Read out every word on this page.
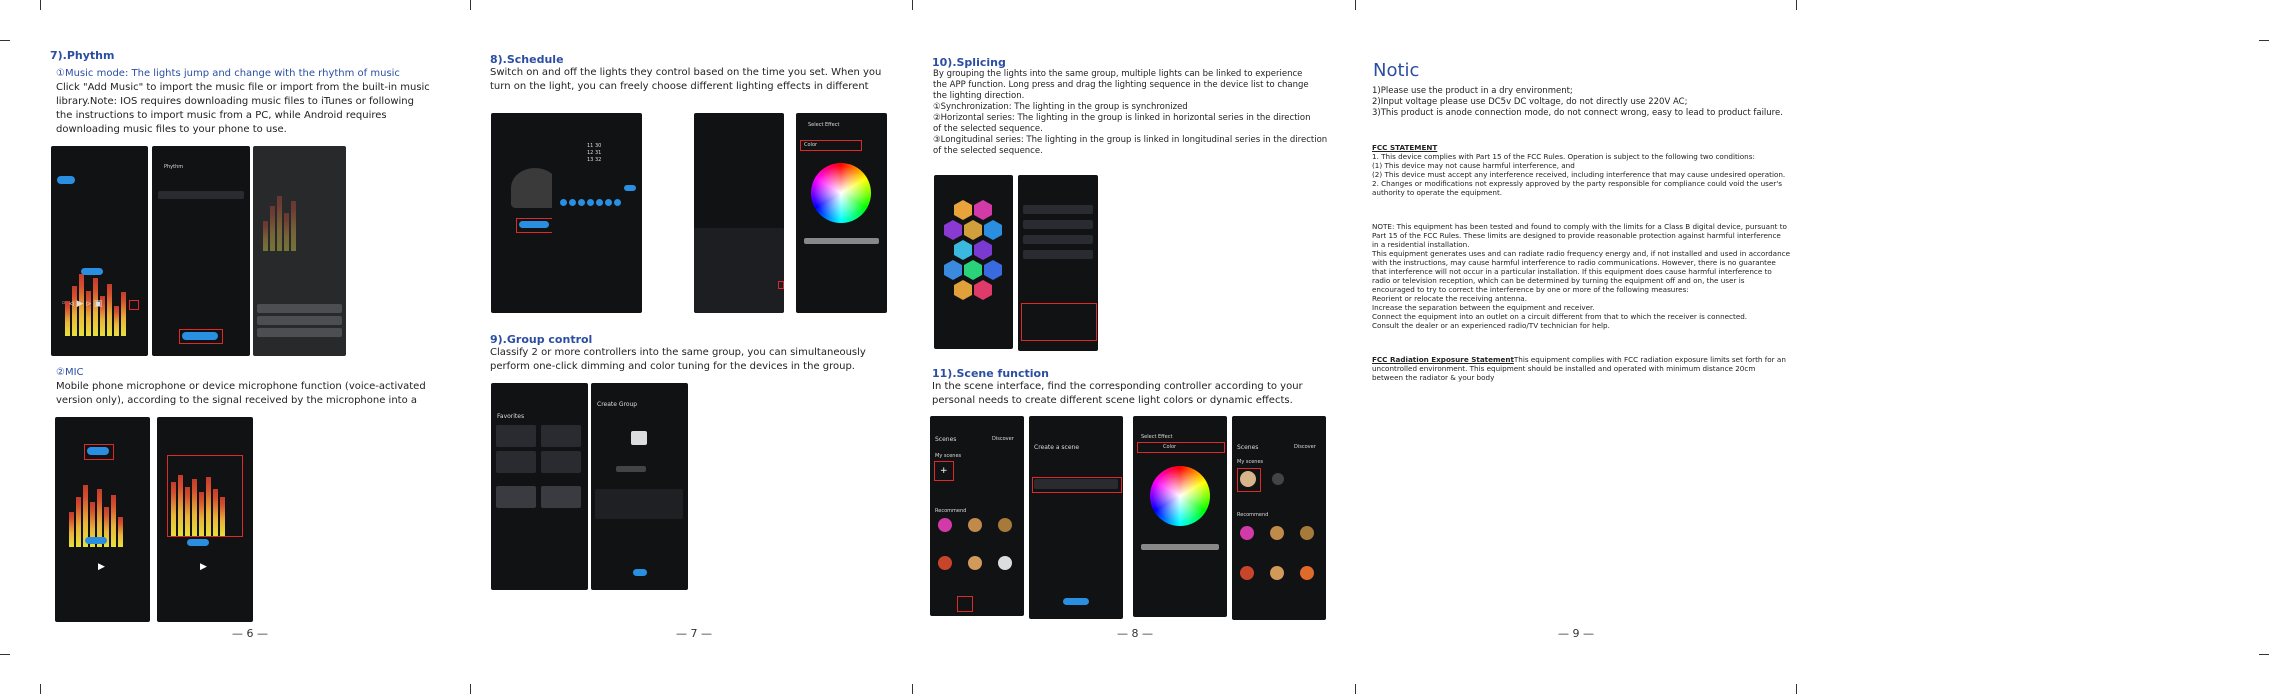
7).Phythm
①Music mode: The lights jump and change with the rhythm of music
Click "Add Music" to import the music file or import from the built-in music
library.Note: IOS requires downloading music files to iTunes or following
the instructions to import music from a PC, while Android requires
downloading music files to your phone to use.
◦ ◃ ▶ ▹ ▣
Phythm
②MIC
Mobile phone microphone or device microphone function (voice-activated
version only), according to the signal received by the microphone into a
▶	▶
— 6 —
8).Schedule
Switch on and off the lights they control based on the time you set. When you
turn on the light, you can freely choose different lighting effects in different
11 30
12 31
13 32
Select Effect
Color
9).Group control
Classify 2 or more controllers into the same group, you can simultaneously
perform one-click dimming and color tuning for the devices in the group.
Favorites
Create Group
— 7 —
10).Splicing
By grouping the lights into the same group, multiple lights can be linked to experience
the APP function. Long press and drag the lighting sequence in the device list to change
the lighting direction.
①Synchronization: The lighting in the group is synchronized
②Horizontal series: The lighting in the group is linked in horizontal series in the direction
of the selected sequence.
③Longitudinal series: The lighting in the group is linked in longitudinal series in the direction
of the selected sequence.
11).Scene function
In the scene interface, find the corresponding controller according to your
personal needs to create different scene light colors or dynamic effects.
Scenes	Discover
My scenes
+
Recommend
Create a scene
Select Effect
Color	Scenes	Discover
My scenes
Recommend
— 8 —
Notic
1)Please use the product in a dry environment;
2)Input voltage please use DC5v DC voltage, do not directly use 220V AC;
3)This product is anode connection mode, do not connect wrong, easy to lead to product failure.
FCC STATEMENT
1. This device complies with Part 15 of the FCC Rules. Operation is subject to the following two conditions:
(1) This device may not cause harmful interference, and
(2) This device must accept any interference received, including interference that may cause undesired operation.
2. Changes or modifications not expressly approved by the party responsible for compliance could void the user's
authority to operate the equipment.
NOTE: This equipment has been tested and found to comply with the limits for a Class B digital device, pursuant to
Part 15 of the FCC Rules. These limits are designed to provide reasonable protection against harmful interference
in a residential installation.
This equipment generates uses and can radiate radio frequency energy and, if not installed and used in accordance
with the instructions, may cause harmful interference to radio communications. However, there is no guarantee
that interference will not occur in a particular installation. If this equipment does cause harmful interference to
radio or television reception, which can be determined by turning the equipment off and on, the user is
encouraged to try to correct the interference by one or more of the following measures:
Reorient or relocate the receiving antenna.
Increase the separation between the equipment and receiver.
Connect the equipment into an outlet on a circuit different from that to which the receiver is connected.
Consult the dealer or an experienced radio/TV technician for help.
FCC Radiation Exposure StatementThis equipment complies with FCC radiation exposure limits set forth for an
uncontrolled environment. This equipment should be installed and operated with minimum distance 20cm
between the radiator & your body
— 9 —
